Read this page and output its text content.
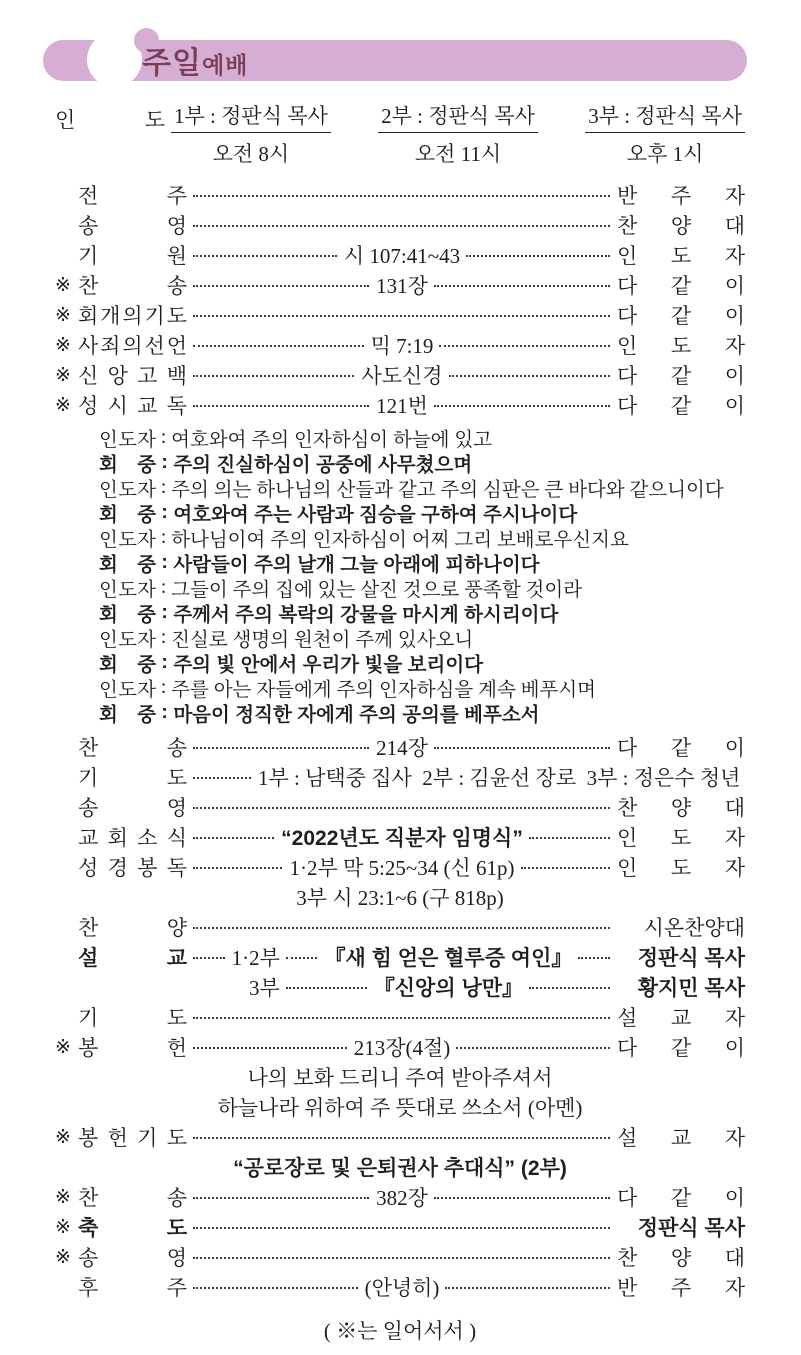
주일예배
인	도 1부 : 정판식 목사
오전 8시
2부 : 정판식 목사
오전 11시
3부 : 정판식 목사
오후 1시
전	주	반 주 자
송	영	찬 양 대
기	원	시 107:41~43	인 도 자
※ 찬	송	131장	다 같 이
※ 회 개 의 기 도	다 같 이
※ 사 죄 의 선 언	믹 7:19	인 도 자
※ 신 앙 고 백	사도신경	다 같 이
※ 성 시 교 독	121번	다 같 이
인 도 자 : 여호와여 주의 인자하심이 하늘에 있고
회 중 : 주의 진실하심이 공중에 사무쳤으며
인 도 자 : 주의 의는 하나님의 산들과 같고 주의 심판은 큰 바다와 같으니이다
회 중 : 여호와여 주는 사람과 짐승을 구하여 주시나이다
인 도 자 : 하나님이여 주의 인자하심이 어찌 그리 보배로우신지요
회 중 : 사람들이 주의 날개 그늘 아래에 피하나이다
인 도 자 : 그들이 주의 집에 있는 살진 것으로 풍족할 것이라
회 중 : 주께서 주의 복락의 강물을 마시게 하시리이다
인 도 자 : 진실로 생명의 원천이 주께 있사오니
회 중 : 주의 빛 안에서 우리가 빛을 보리이다
인 도 자 : 주를 아는 자들에게 주의 인자하심을 계속 베푸시며
회 중 : 마음이 정직한 자에게 주의 공의를 베푸소서
찬	송	214장	다 같 이
기	도	1부 : 남택중 집사  2부 : 김윤선 장로  3부 : 정은수 청년
송	영	찬 양 대
교 회 소 식	“2022년도 직분자 임명식”	인 도 자
성 경 봉 독	1·2부 막 5:25~34 (신 61p)	인 도 자
3부 시 23:1~6 (구 818p)
찬	양	시온찬양대
설	교 1·2부 『새 힘 얻은 혈루증 여인』	정판식 목사
3부	『신앙의 낭만』	황지민 목사
기	도	설 교 자
※ 봉	헌	213장(4절)	다 같 이
나의 보화 드리니 주여 받아주셔서
하늘나라 위하여 주 뜻대로 쓰소서 (아멘)
※ 봉 헌 기 도	설 교 자
“공로장로 및 은퇴권사 추대식” (2부)
※ 찬	송	382장	다 같 이
※ 축	도	정판식 목사
※ 송	영	찬 양 대
후	주	(안녕히)	반 주 자
( ※는 일어서서 )
